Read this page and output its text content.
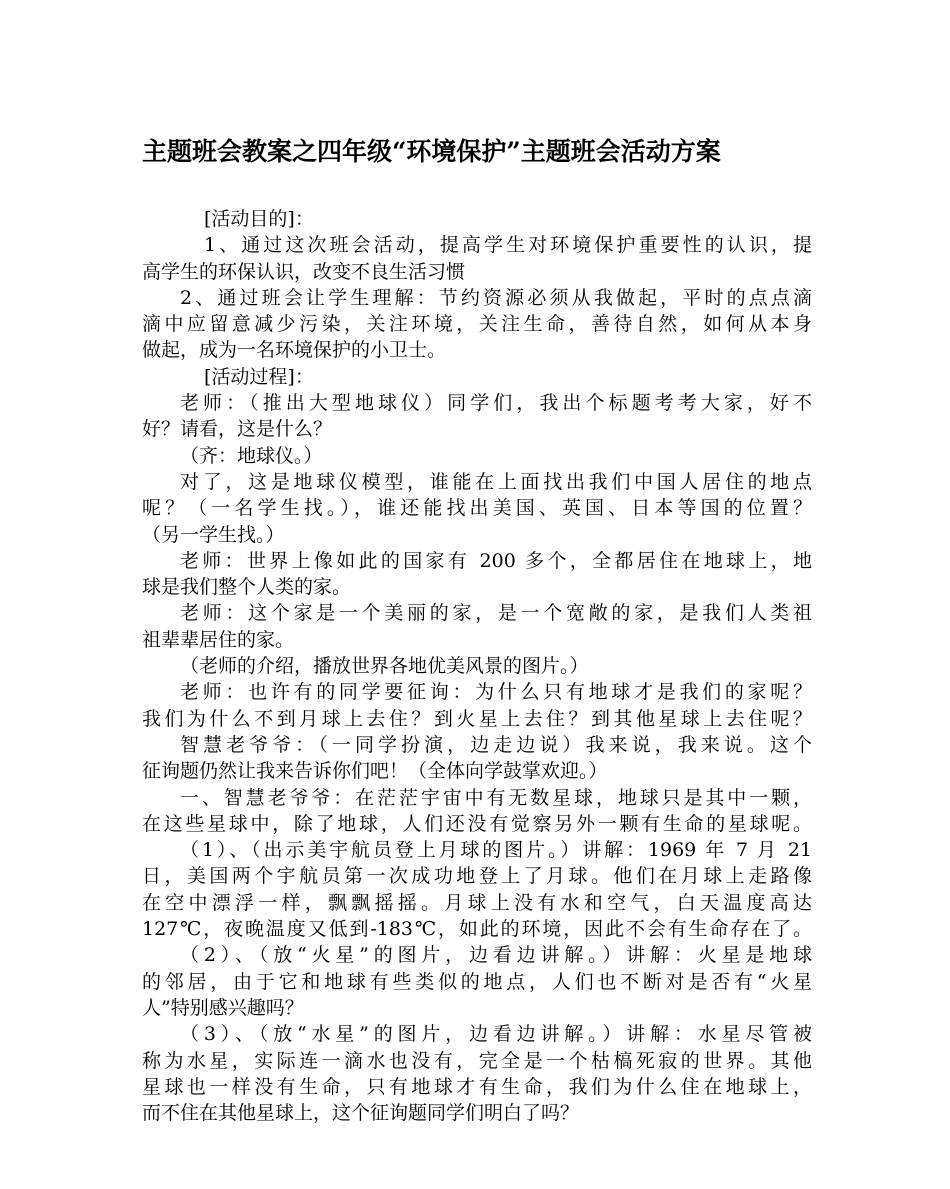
主题班会教案之四年级“环境保护”主题班会活动方案
[活动目的]：
1、通过这次班会活动，提高学生对环境保护重要性的认识，提
高学生的环保认识，改变不良生活习惯
2、通过班会让学生理解：节约资源必须从我做起，平时的点点滴
滴中应留意减少污染，关注环境，关注生命，善待自然，如何从本身
做起，成为一名环境保护的小卫士。
[活动过程]：
老师：（推出大型地球仪）同学们，我出个标题考考大家，好不
好？请看，这是什么？
（齐：地球仪。）
对了，这是地球仪模型，谁能在上面找出我们中国人居住的地点
呢？（一名学生找。），谁还能找出美国、英国、日本等国的位置？
（另一学生找。）
老师：世界上像如此的国家有 200 多个，全都居住在地球上，地
球是我们整个人类的家。
老师：这个家是一个美丽的家，是一个宽敞的家，是我们人类祖
祖辈辈居住的家。
（老师的介绍，播放世界各地优美风景的图片。）
老师：也许有的同学要征询：为什么只有地球才是我们的家呢？
我们为什么不到月球上去住？到火星上去住？到其他星球上去住呢？
智慧老爷爷：（一同学扮演，边走边说）我来说，我来说。这个
征询题仍然让我来告诉你们吧！（全体向学鼓掌欢迎。）
一、智慧老爷爷：在茫茫宇宙中有无数星球，地球只是其中一颗，
在这些星球中，除了地球，人们还没有觉察另外一颗有生命的星球呢。
（1）、（出示美宇航员登上月球的图片。）讲解：1969 年 7 月 21
日，美国两个宇航员第一次成功地登上了月球。他们在月球上走路像
在空中漂浮一样，飘飘摇摇。月球上没有水和空气，白天温度高达
127℃，夜晚温度又低到-183℃，如此的环境，因此不会有生命存在了。
（2）、（放“火星”的图片，边看边讲解。）讲解：火星是地球
的邻居，由于它和地球有些类似的地点，人们也不断对是否有“火星
人”特别感兴趣吗？
（3）、（放“水星”的图片，边看边讲解。）讲解：水星尽管被
称为水星，实际连一滴水也没有，完全是一个枯槁死寂的世界。其他
星球也一样没有生命，只有地球才有生命，我们为什么住在地球上，
而不住在其他星球上，这个征询题同学们明白了吗？
